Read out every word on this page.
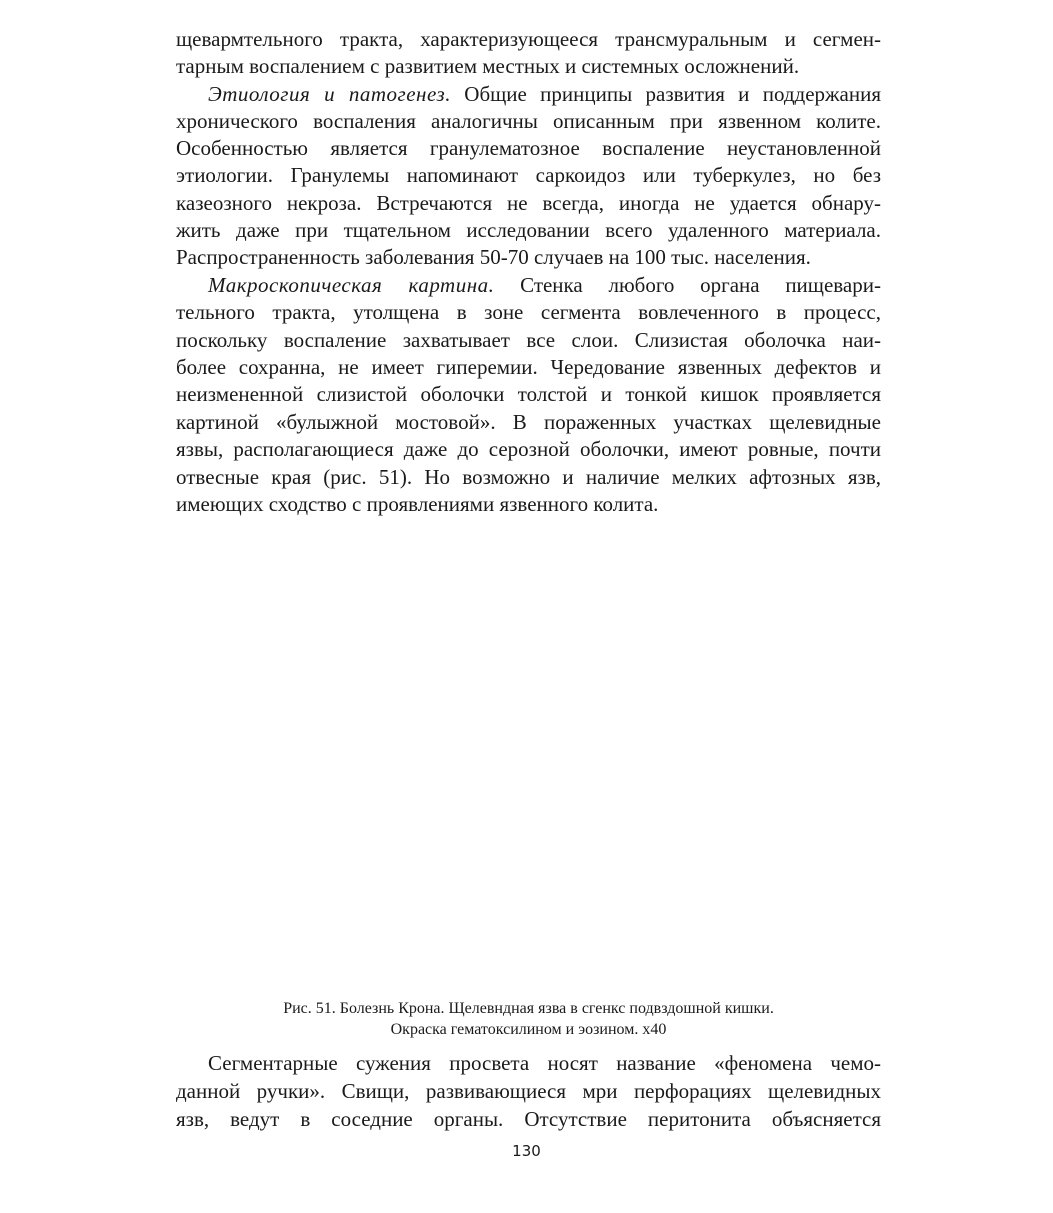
щевармтельного тракта, характеризующееся трансмуральным и сегмен-
тарным воспалением с развитием местных и системных осложнений.
Этиология и патогенез. Общие принципы развития и поддержания
хронического воспаления аналогичны описанным при язвенном колите.
Особенностью является гранулематозное воспаление неустановленной
этиологии. Гранулемы напоминают саркоидоз или туберкулез, но без
казеозного некроза. Встречаются не всегда, иногда не удается обнару-
жить даже при тщательном исследовании всего удаленного материала.
Распространенность заболевания 50-70 случаев на 100 тыс. населения.
Макроскопическая картина. Стенка любого органа пищевари-
тельного тракта, утолщена в зоне сегмента вовлеченного в процесс,
поскольку воспаление захватывает все слои. Слизистая оболочка наи-
более сохранна, не имеет гиперемии. Чередование язвенных дефектов и
неизмененной слизистой оболочки толстой и тонкой кишок проявляется
картиной «булыжной мостовой». В пораженных участках щелевидные
язвы, располагающиеся даже до серозной оболочки, имеют ровные, почти
отвесные края (рис. 51). Но возможно и наличие мелких афтозных язв,
имеющих сходство с проявлениями язвенного колита.
Рис. 51. Болезнь Крона. Щелевндная язва в сгенкс подвздошной кишки.
Окраска гематоксилином и эозином. х40
Сегментарные сужения просвета носят название «феномена чемо-
данной ручки». Свищи, развивающиеся мри перфорациях щелевидных
язв, ведут в соседние органы. Отсутствие перитонита объясняется
130
